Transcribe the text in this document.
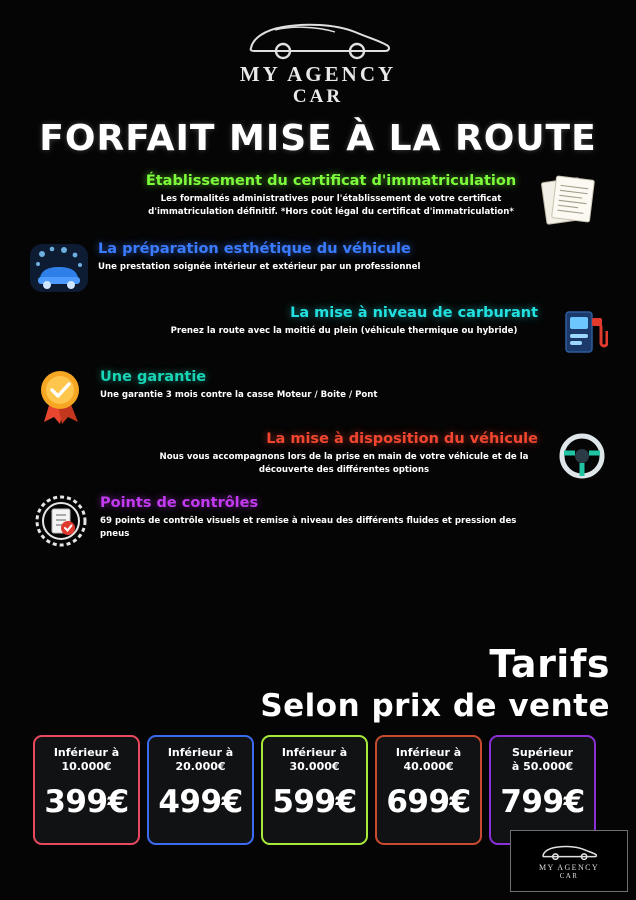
MY AGENCY
CAR
FORFAIT MISE À LA ROUTE
Établissement du certificat d'immatriculation
Les formalités administratives pour l'établissement de votre certificat d'immatriculation définitif. *Hors coût légal du certificat d'immatriculation*
La préparation esthétique du véhicule
Une prestation soignée intérieur et extérieur par un professionnel
La mise à niveau de carburant
Prenez la route avec la moitié du plein (véhicule thermique ou hybride)
Une garantie
Une garantie 3 mois contre la casse Moteur / Boite / Pont
La mise à disposition du véhicule
Nous vous accompagnons lors de la prise en main de votre véhicule et de la découverte des différentes options
Points de contrôles
69 points de contrôle visuels et remise à niveau des différents fluides et pression des pneus
Tarifs
Selon prix de vente
Inférieur à
10.000€
399€
Inférieur à
20.000€
499€
Inférieur à
30.000€
599€
Inférieur à
40.000€
699€
Supérieur
à 50.000€
799€
MY AGENCY
CAR
